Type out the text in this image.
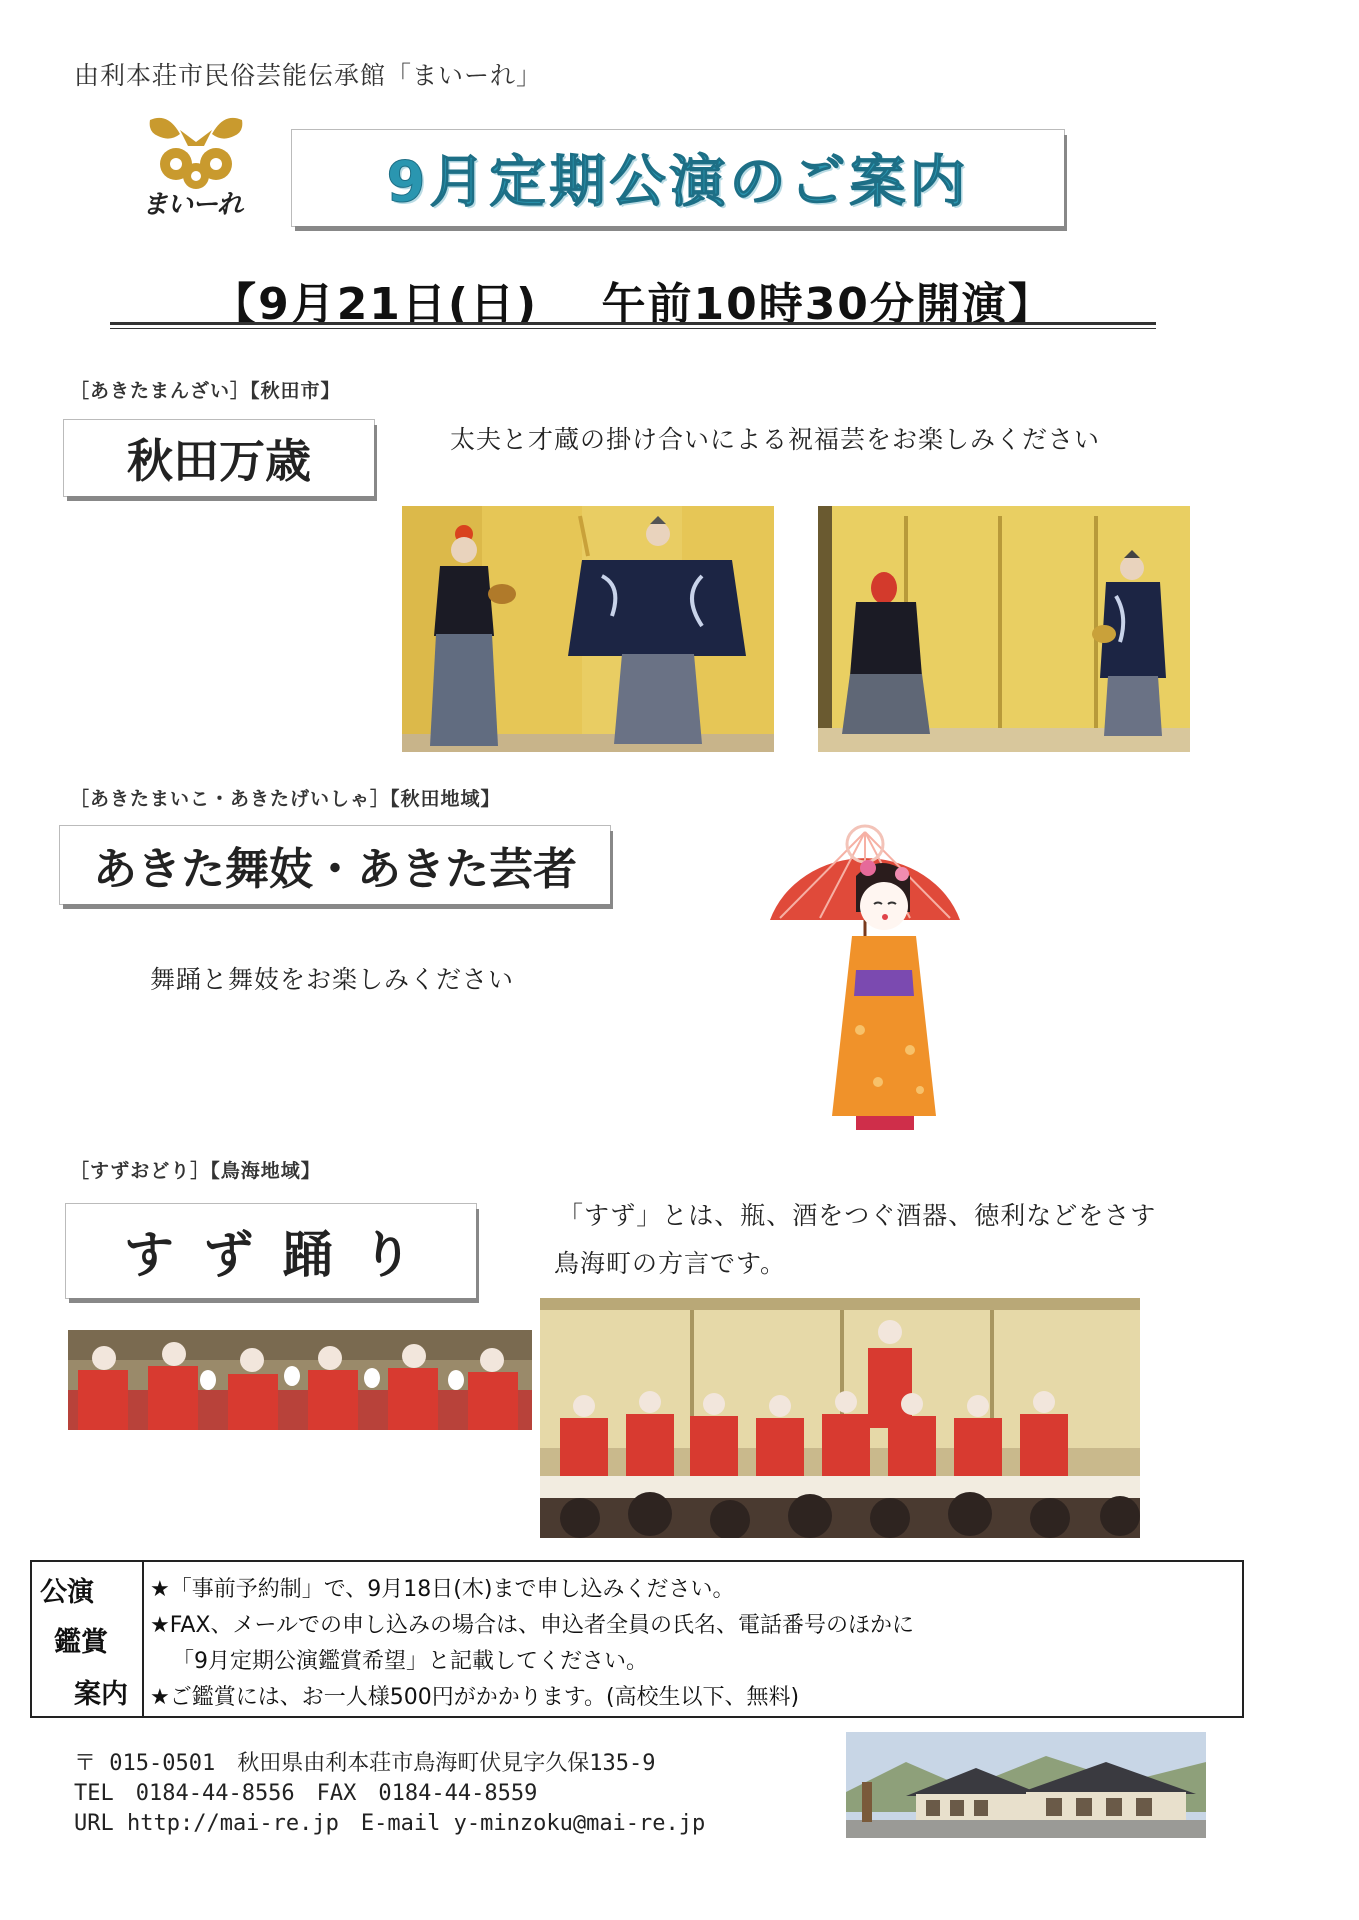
由利本荘市民俗芸能伝承館「まいーれ」
まいーれ	9月定期公演のご案内
【9月21日(日)　 午前10時30分開演】
［あきたまんざい］【秋田市】
秋田万歳	太夫と才蔵の掛け合いによる祝福芸をお楽しみください
［あきたまいこ・あきたげいしゃ］【秋田地域】
あきた舞妓・あきた芸者
舞踊と舞妓をお楽しみください
［すずおどり］【鳥海地域】
す ず 踊 り
「すず」とは、瓶、酒をつぐ酒器、徳利などをさす
鳥海町の方言です。
公演
鑑賞
案内
★「事前予約制」で、9月18日(木)まで申し込みください。
★FAX、メールでの申し込みの場合は、申込者全員の氏名、電話番号のほかに
「9月定期公演鑑賞希望」と記載してください。
★ご鑑賞には、お一人様500円がかかります。(高校生以下、無料)
〒 015-0501　秋田県由利本荘市鳥海町伏見字久保135-9
TEL　0184-44-8556　FAX　0184-44-8559
URL http://mai-re.jp　E-mail y-minzoku@mai-re.jp
